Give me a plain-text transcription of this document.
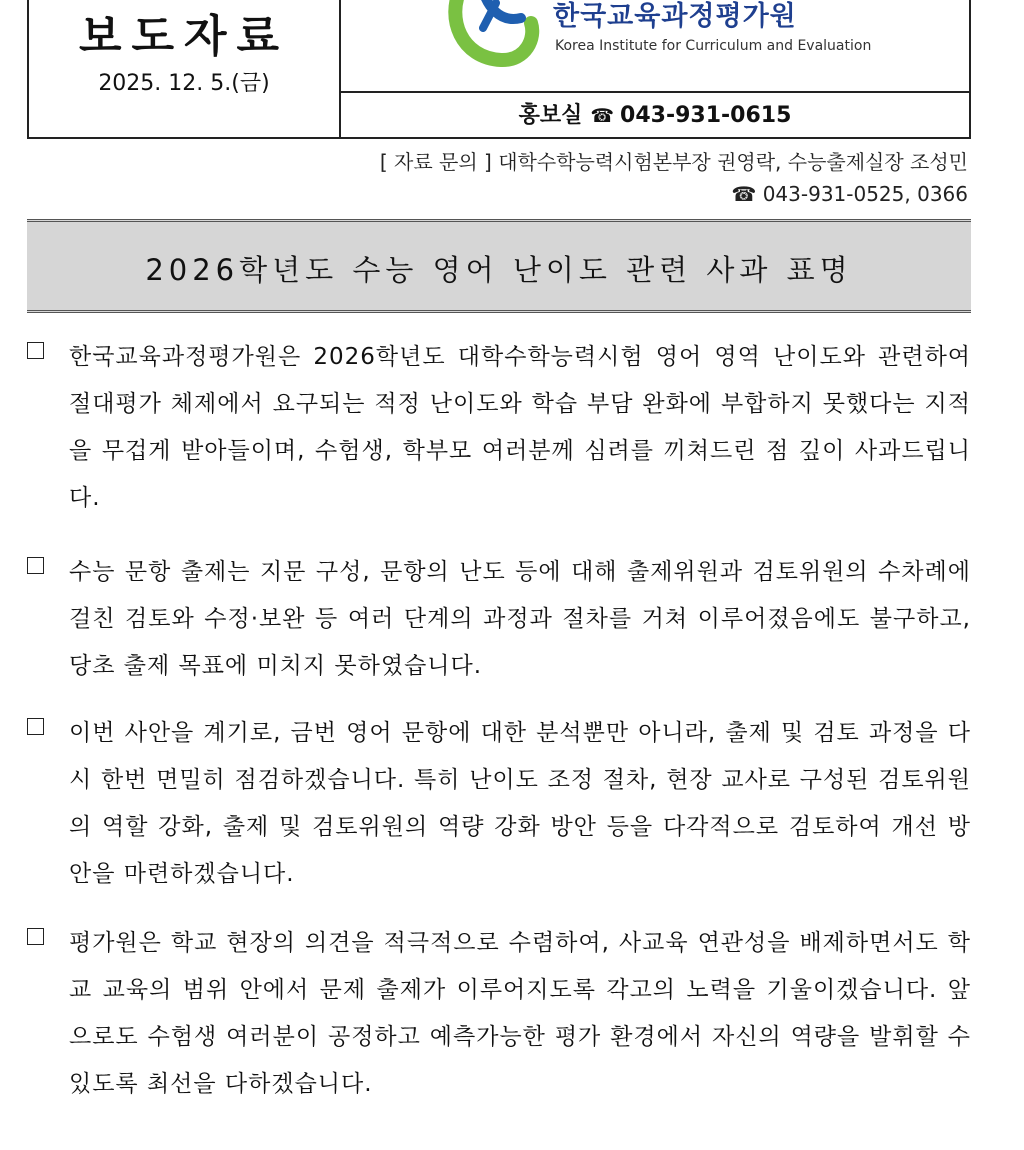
보도자료
2025. 12. 5.(금)
한국교육과정평가원
Korea Institute for Curriculum and Evaluation
홍보실 ☎ 043-931-0615
[ 자료 문의 ] 대학수학능력시험본부장 권영락, 수능출제실장 조성민
☎ 043-931-0525, 0366
2026학년도 수능 영어 난이도 관련 사과 표명
한국교육과정평가원은 2026학년도 대학수학능력시험 영어 영역 난이도와 관련하여 절대평가 체제에서 요구되는 적정 난이도와 학습 부담 완화에 부합하지 못했다는 지적을 무겁게 받아들이며, 수험생, 학부모 여러분께 심려를 끼쳐드린 점 깊이 사과드립니다.
수능 문항 출제는 지문 구성, 문항의 난도 등에 대해 출제위원과 검토위원의 수차례에 걸친 검토와 수정·보완 등 여러 단계의 과정과 절차를 거쳐 이루어졌음에도 불구하고, 당초 출제 목표에 미치지 못하였습니다.
이번 사안을 계기로, 금번 영어 문항에 대한 분석뿐만 아니라, 출제 및 검토 과정을 다시 한번 면밀히 점검하겠습니다. 특히 난이도 조정 절차, 현장 교사로 구성된 검토위원의 역할 강화, 출제 및 검토위원의 역량 강화 방안 등을 다각적으로 검토하여 개선 방안을 마련하겠습니다.
평가원은 학교 현장의 의견을 적극적으로 수렴하여, 사교육 연관성을 배제하면서도 학교 교육의 범위 안에서 문제 출제가 이루어지도록 각고의 노력을 기울이겠습니다. 앞으로도 수험생 여러분이 공정하고 예측가능한 평가 환경에서 자신의 역량을 발휘할 수 있도록 최선을 다하겠습니다.
